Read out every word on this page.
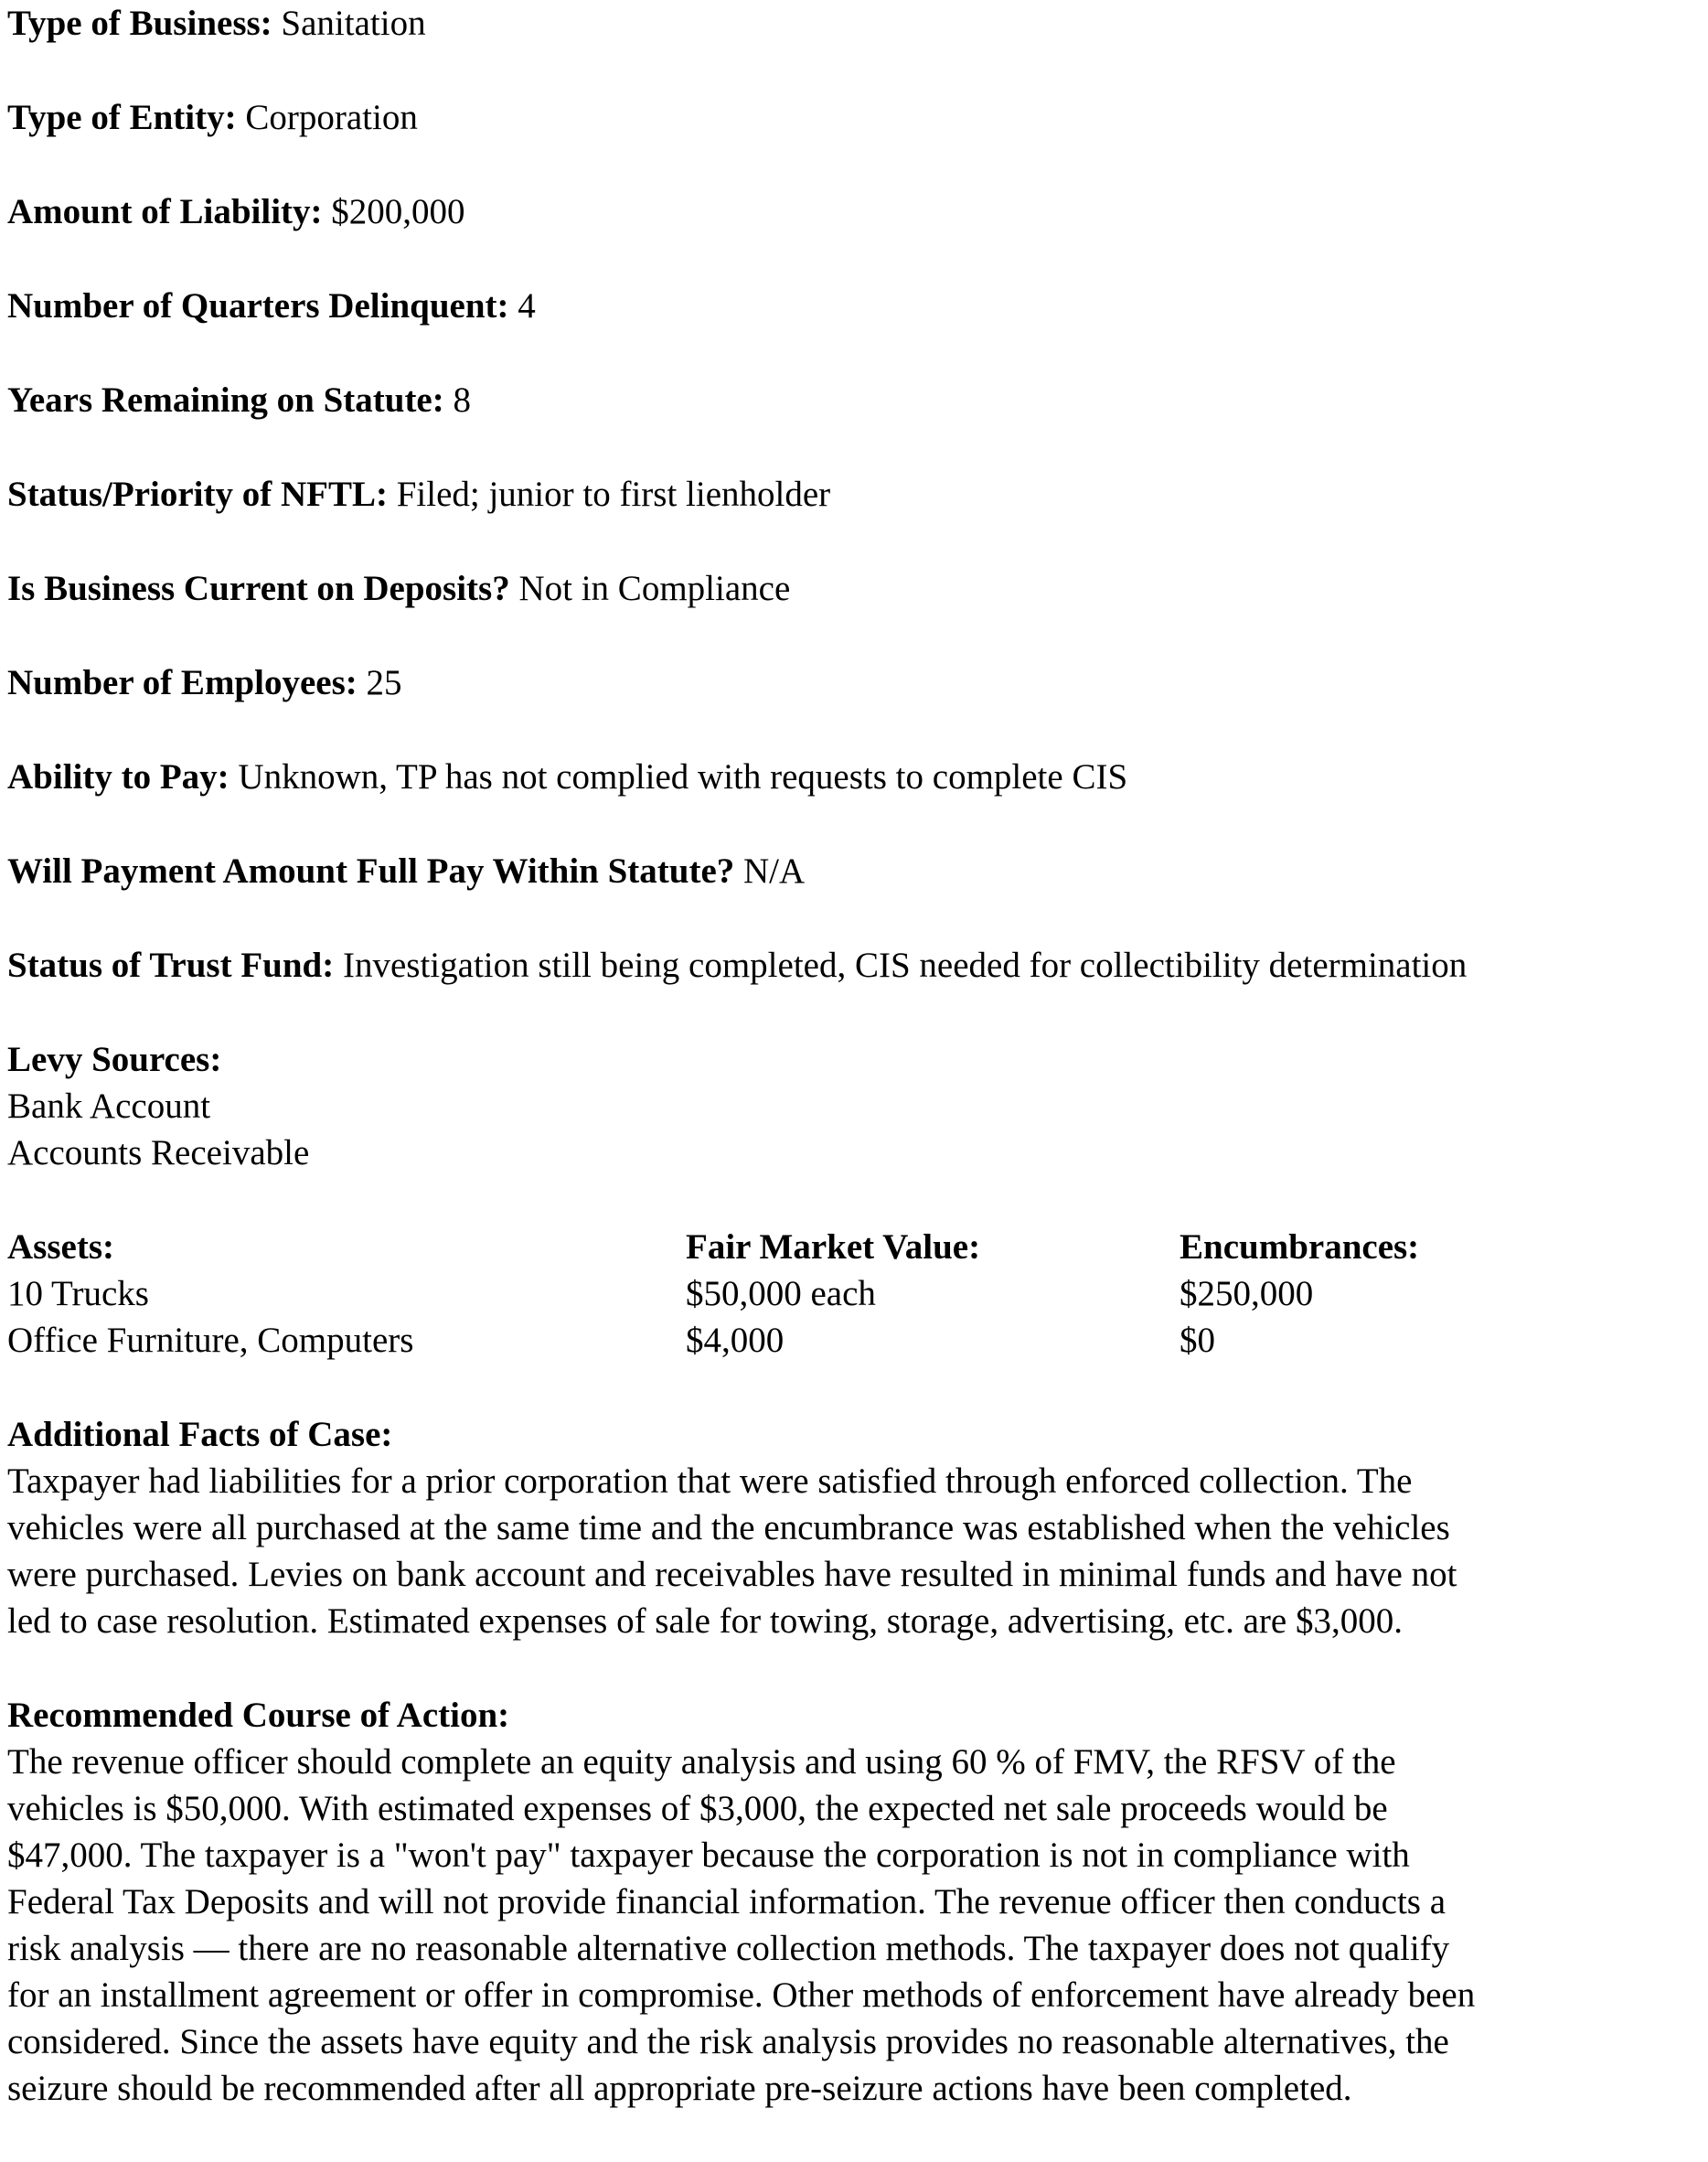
Type of Business: Sanitation
Type of Entity: Corporation
Amount of Liability: $200,000
Number of Quarters Delinquent: 4
Years Remaining on Statute: 8
Status/Priority of NFTL: Filed; junior to first lienholder
Is Business Current on Deposits? Not in Compliance
Number of Employees: 25
Ability to Pay: Unknown, TP has not complied with requests to complete CIS
Will Payment Amount Full Pay Within Statute? N/A
Status of Trust Fund: Investigation still being completed, CIS needed for collectibility determination
Levy Sources:
Bank Account
Accounts Receivable
Assets:
10 Trucks
Office Furniture, Computers
Fair Market Value:
$50,000 each
$4,000
Encumbrances:
$250,000
$0
Additional Facts of Case:
Taxpayer had liabilities for a prior corporation that were satisfied through enforced collection. The
vehicles were all purchased at the same time and the encumbrance was established when the vehicles
were purchased. Levies on bank account and receivables have resulted in minimal funds and have not
led to case resolution. Estimated expenses of sale for towing, storage, advertising, etc. are $3,000.
Recommended Course of Action:
The revenue officer should complete an equity analysis and using 60 % of FMV, the RFSV of the
vehicles is $50,000. With estimated expenses of $3,000, the expected net sale proceeds would be
$47,000. The taxpayer is a "won't pay" taxpayer because the corporation is not in compliance with
Federal Tax Deposits and will not provide financial information. The revenue officer then conducts a
risk analysis — there are no reasonable alternative collection methods. The taxpayer does not qualify
for an installment agreement or offer in compromise. Other methods of enforcement have already been
considered. Since the assets have equity and the risk analysis provides no reasonable alternatives, the
seizure should be recommended after all appropriate pre-seizure actions have been completed.
